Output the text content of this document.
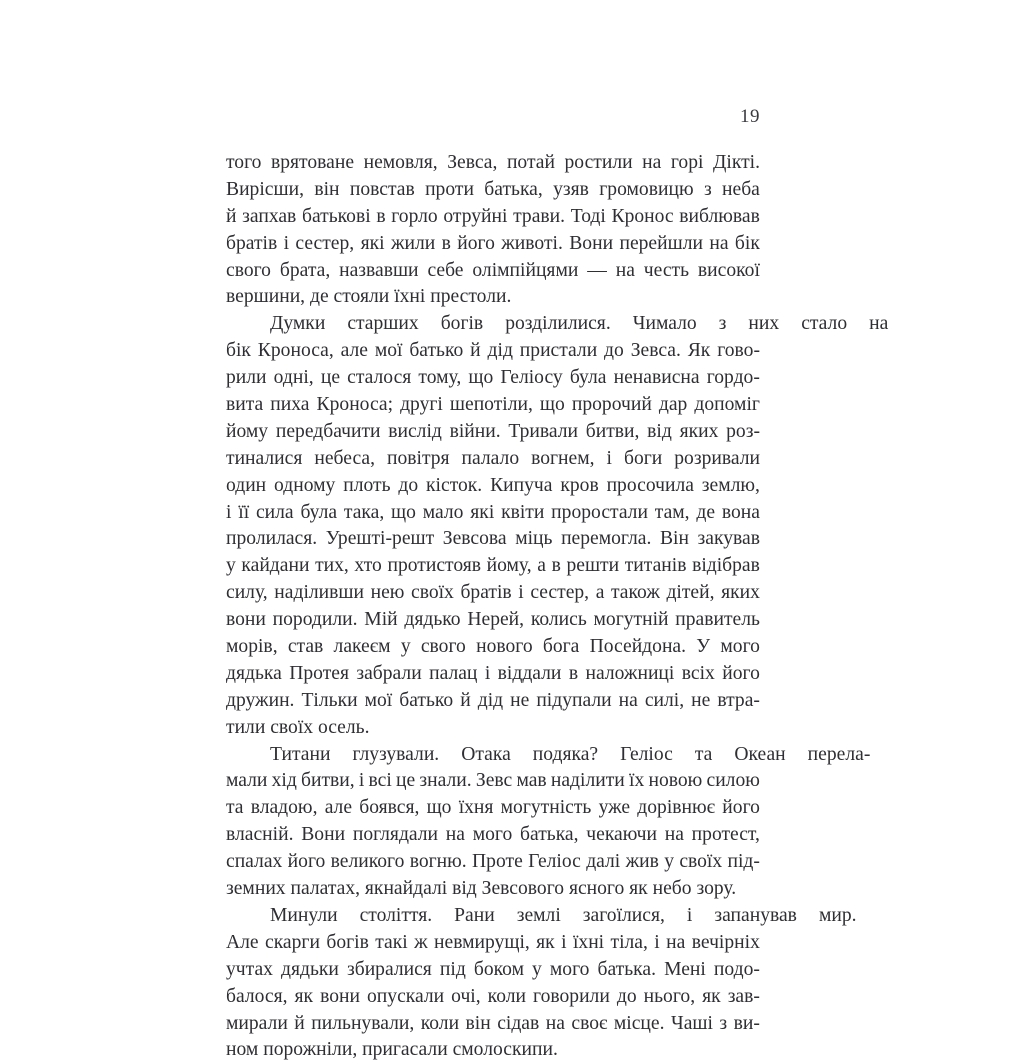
19
того врятоване немовля, Зевса, потай ростили на горі Дікті.
Вирісши, він повстав проти батька, узяв громовицю з неба
й запхав батькові в горло отруйні трави. Тоді Кронос виблював
братів і сестер, які жили в його животі. Вони перейшли на бік
свого брата, назвавши себе олімпійцями — на честь високої
вершини, де стояли їхні престоли.
Думки	старших	богів	розділилися.	Чимало	з	них	стало	на
бік Кроноса, але мої батько й дід пристали до Зевса. Як гово-
рили одні, це сталося тому, що Геліосу була ненависна гордо-
вита пиха Кроноса; другі шепотіли, що пророчий дар допоміг
йому передбачити вислід війни. Тривали битви, від яких роз-
тиналися небеса, повітря палало вогнем, і боги розривали
один одному плоть до кісток. Кипуча кров просочила землю,
і її сила була така, що мало які квіти проростали там, де вона
пролилася. Урешті-решт Зевсова міць перемогла. Він закував
у кайдани тих, хто протистояв йому, а в решти титанів відібрав
силу, наділивши нею своїх братів і сестер, а також дітей, яких
вони породили. Мій дядько Нерей, колись могутній правитель
морів, став лакеєм у свого нового бога Посейдона. У мого
дядька Протея забрали палац і віддали в наложниці всіх його
дружин. Тільки мої батько й дід не підупали на силі, не втра-
тили своїх осель.
Титани	глузували.	Отака	подяка?	Геліос	та	Океан	перела-
мали хід битви, і всі це знали. Зевс мав наділити їх новою силою
та владою, але боявся, що їхня могутність уже дорівнює його
власній. Вони поглядали на мого батька, чекаючи на протест,
спалах його великого вогню. Проте Геліос далі жив у своїх під-
земних палатах, якнайдалі від Зевсового ясного як небо зору.
Минули	століття.	Рани	землі	загоїлися,	і	запанував	мир.
Але скарги богів такі ж невмирущі, як і їхні тіла, і на вечірніх
учтах дядьки збиралися під боком у мого батька. Мені подо-
балося, як вони опускали очі, коли говорили до нього, як зав-
мирали й пильнували, коли він сідав на своє місце. Чаші з ви-
ном порожніли, пригасали смолоскипи.
